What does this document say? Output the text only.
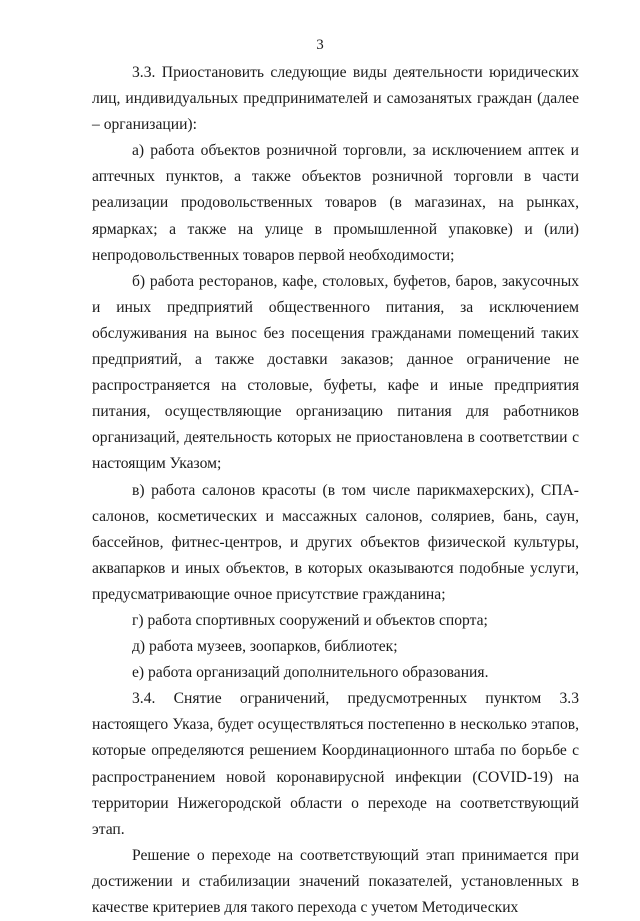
3

3.3. Приостановить следующие виды деятельности юридических лиц, индивидуальных предпринимателей и самозанятых граждан (далее – организации):

а) работа объектов розничной торговли, за исключением аптек и аптечных пунктов, а также объектов розничной торговли в части реализации продовольственных товаров (в магазинах, на рынках, ярмарках; а также на улице в промышленной упаковке) и (или) непродовольственных товаров первой необходимости;

б) работа ресторанов, кафе, столовых, буфетов, баров, закусочных и иных предприятий общественного питания, за исключением обслуживания на вынос без посещения гражданами помещений таких предприятий, а также доставки заказов; данное ограничение не распространяется на столовые, буфеты, кафе и иные предприятия питания, осуществляющие организацию питания для работников организаций, деятельность которых не приостановлена в соответствии с настоящим Указом;

в) работа салонов красоты (в том числе парикмахерских), СПА-салонов, косметических и массажных салонов, соляриев, бань, саун, бассейнов, фитнес-центров, и других объектов физической культуры, аквапарков и иных объектов, в которых оказываются подобные услуги, предусматривающие очное присутствие гражданина;

г) работа спортивных сооружений и объектов спорта;

д) работа музеев, зоопарков, библиотек;

е) работа организаций дополнительного образования.

3.4. Снятие ограничений, предусмотренных пунктом 3.3 настоящего Указа, будет осуществляться постепенно в несколько этапов, которые определяются решением Координационного штаба по борьбе с распространением новой коронавирусной инфекции (COVID-19) на территории Нижегородской области о переходе на соответствующий этап.

Решение о переходе на соответствующий этап принимается при достижении и стабилизации значений показателей, установленных в качестве критериев для такого перехода с учетом Методических
